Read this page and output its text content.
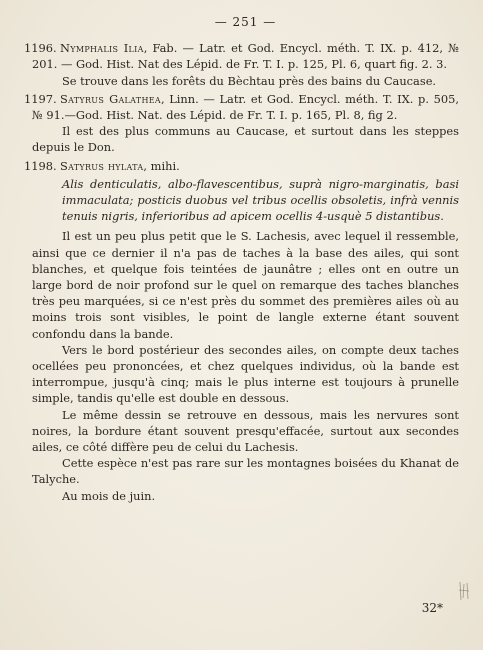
— 251 —

1196. Nymphalis Ilia, Fab. — Latr. et God. Encycl. méth. T. IX. p. 412, № 201. — God. Hist. Nat des Lépid. de Fr. T. I. p. 125, Pl. 6, quart fig. 2. 3.

Se trouve dans les forêts du Bèchtau près des bains du Caucase.

1197. Satyrus Galathea, Linn. — Latr. et God. Encycl. méth. T. IX. p. 505, № 91.—God. Hist. Nat. des Lépid. de Fr. T. I. p. 165, Pl. 8, fig 2.

Il est des plus communs au Caucase, et surtout dans les steppes depuis le Don.

1198. Satyrus hylata, mihi.

Alis denticulatis, albo-flavescentibus, suprà nigro-marginatis, basi immaculata; posticis duobus vel tribus ocellis obsoletis, infrà vennis tenuis nigris, inferioribus ad apicem ocellis 4-usquè 5 distantibus.

Il est un peu plus petit que le S. Lachesis, avec lequel il ressemble, ainsi que ce dernier il n'a pas de taches à la base des ailes, qui sont blanches, et quelque fois teintées de jaunâtre ; elles ont en outre un large bord de noir profond sur le quel on remarque des taches blanches très peu marquées, si ce n'est près du sommet des premières ailes où au moins trois sont visibles, le point de langle externe étant souvent confondu dans la bande.

Vers le bord postérieur des secondes ailes, on compte deux taches ocellées peu prononcées, et chez quelques individus, où la bande est interrompue, jusqu'à cinq; mais le plus interne est toujours à prunelle simple, tandis qu'elle est double en dessous.

Le même dessin se retrouve en dessous, mais les nervures sont noires, la bordure étant souvent presqu'effacée, surtout aux secondes ailes, ce côté diffère peu de celui du Lachesis.

Cette espèce n'est pas rare sur les montagnes boisées du Khanat de Talyche.

Au mois de juin.

32*
